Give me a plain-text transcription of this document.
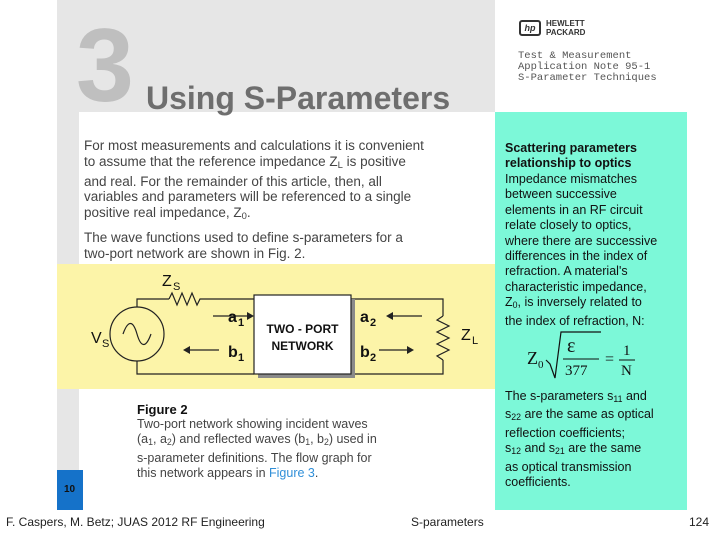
3 Using S-Parameters
hp HEWLETT
PACKARD
Test & Measurement
Application Note 95-1
S-Parameter Techniques
For most measurements and calculations it is convenient
to assume that the reference impedance $Z_L$ is positive
and real. For the remainder of this article, then, all
variables and parameters will be referenced to a single
positive real impedance, $Z_0$.
The wave functions used to define s-parameters for a
two-port network are shown in Fig. 2.
Scattering parameters
relationship to optics
Impedance mismatches
between successive
elements in an RF circuit
relate closely to optics,
where there are successive
differences in the index of
refraction. A material's
characteristic impedance,
$Z_0$, is inversely related to
the index of refraction, N:
Z 0
ε
377
= 1
N
The s-parameters $s_{11}$ and
$s_{22}$ are the same as optical
reflection coefficients;
$s_{12}$ and $s_{21}$ are the same
as optical transmission
coefficients.
TWO - PORT
NETWORK
Z S
V S
a 1
b 1
a 2
b 2
Z L
Figure 2
Two-port network showing incident waves
($a_1$, $a_2$) and reflected waves ($b_1$, $b_2$) used in
s-parameter definitions. The flow graph for
this network appears in Figure 3.
10
F. Caspers, M. Betz; JUAS 2012 RF Engineering	S-parameters	124
